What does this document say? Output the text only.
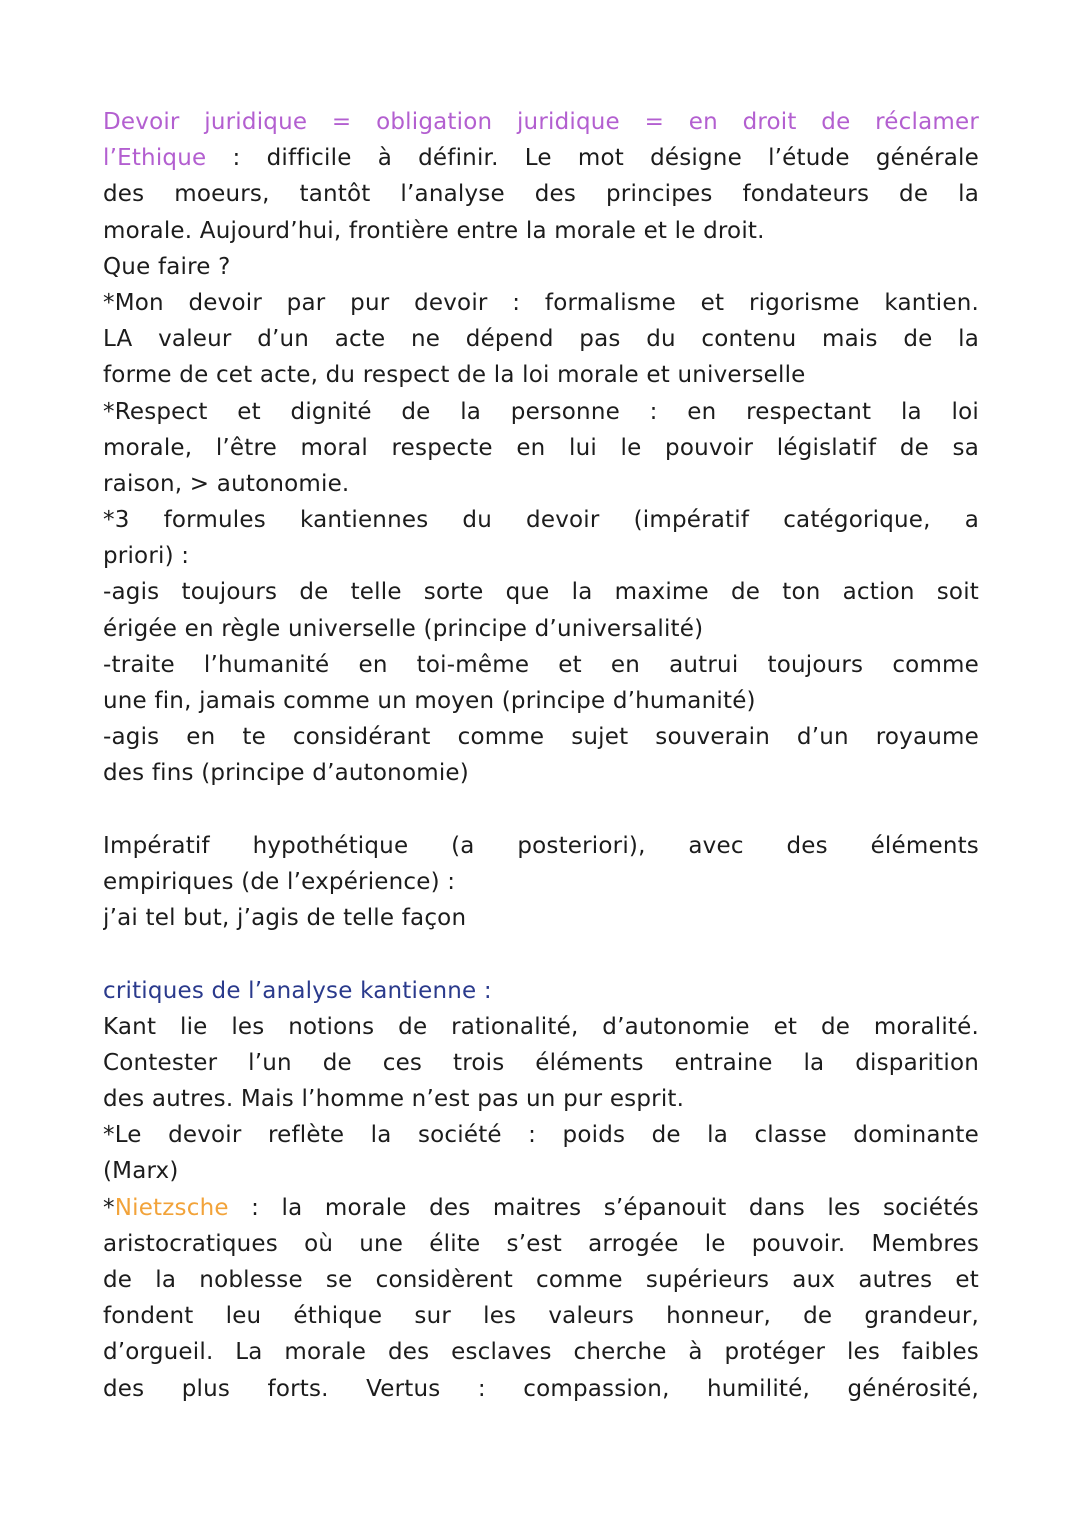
Devoir juridique = obligation juridique = en droit de réclamer
l’Ethique : difficile à définir. Le mot désigne l’étude générale
des moeurs, tantôt l’analyse des principes fondateurs de la
morale. Aujourd’hui, frontière entre la morale et le droit.
Que faire ?
*Mon devoir par pur devoir : formalisme et rigorisme kantien.
LA valeur d’un acte ne dépend pas du contenu mais de la
forme de cet acte, du respect de la loi morale et universelle
*Respect et dignité de la personne : en respectant la loi
morale, l’être moral respecte en lui le pouvoir législatif de sa
raison, > autonomie.
*3 formules kantiennes du devoir (impératif catégorique, a
priori) :
-agis toujours de telle sorte que la maxime de ton action soit
érigée en règle universelle (principe d’universalité)
-traite l’humanité en toi-même et en autrui toujours comme
une fin, jamais comme un moyen (principe d’humanité)
-agis en te considérant comme sujet souverain d’un royaume
des fins (principe d’autonomie)
Impératif hypothétique (a posteriori), avec des éléments
empiriques (de l’expérience) :
j’ai tel but, j’agis de telle façon
critiques de l’analyse kantienne :
Kant lie les notions de rationalité, d’autonomie et de moralité.
Contester l’un de ces trois éléments entraine la disparition
des autres. Mais l’homme n’est pas un pur esprit.
*Le devoir reflète la société : poids de la classe dominante
(Marx)
*Nietzsche : la morale des maitres s’épanouit dans les sociétés
aristocratiques où une élite s’est arrogée le pouvoir. Membres
de la noblesse se considèrent comme supérieurs aux autres et
fondent leu éthique sur les valeurs honneur, de grandeur,
d’orgueil. La morale des esclaves cherche à protéger les faibles
des plus forts. Vertus : compassion, humilité, générosité,
